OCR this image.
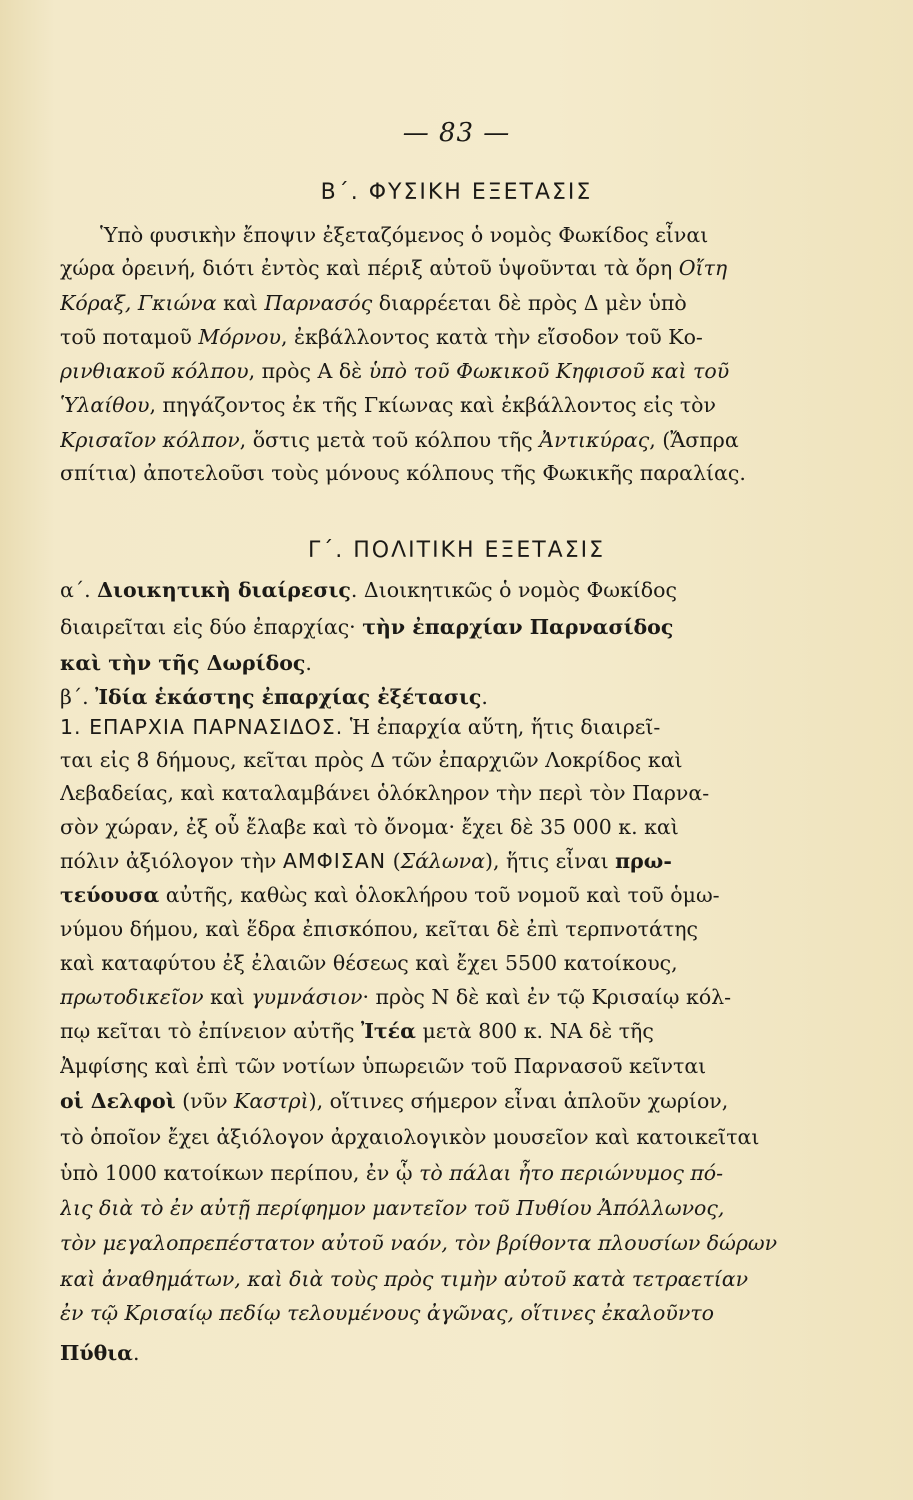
— 83 —
Β΄. ΦΥΣΙΚΗ ΕΞΕΤΑΣΙΣ
Γ΄. ΠΟΛΙΤΙΚΗ ΕΞΕΤΑΣΙΣ
Ὑπὸ φυσικὴν ἔποψιν ἐξεταζόμενος ὁ νομὸς Φωκίδος εἶναι
χώρα ὀρεινή, διότι ἐντὸς καὶ πέριξ αὐτοῦ ὑψοῦνται τὰ ὄρη Οἴτη
Κόραξ, Γκιώνα καὶ Παρνασός διαρρέεται δὲ πρὸς Δ μὲν ὑπὸ
τοῦ ποταμοῦ Μόρνου, ἐκβάλλοντος κατὰ τὴν εἴσοδον τοῦ Κο-
ρινθιακοῦ κόλπου, πρὸς Α δὲ ὑπὸ τοῦ Φωκικοῦ Κηφισοῦ καὶ τοῦ
Ὑλαίθου, πηγάζοντος ἐκ τῆς Γκίωνας καὶ ἐκβάλλοντος εἰς τὸν
Κρισαῖον κόλπον, ὅστις μετὰ τοῦ κόλπου τῆς Ἀντικύρας, (Ἄσπρα
σπίτια) ἀποτελοῦσι τοὺς μόνους κόλπους τῆς Φωκικῆς παραλίας.
α΄. Διοικητικὴ διαίρεσις. Διοικητικῶς ὁ νομὸς Φωκίδος
διαιρεῖται εἰς δύο ἐπαρχίας· τὴν ἐπαρχίαν Παρνασίδος
καὶ τὴν τῆς Δωρίδος.
β΄. Ἰδία ἑκάστης ἐπαρχίας ἐξέτασις.
1. ΕΠΑΡΧΙΑ ΠΑΡΝΑΣΙΔΟΣ. Ἡ ἐπαρχία αὕτη, ἥτις διαιρεῖ-
ται εἰς 8 δήμους, κεῖται πρὸς Δ τῶν ἐπαρχιῶν Λοκρίδος καὶ
Λεβαδείας, καὶ καταλαμβάνει ὁλόκληρον τὴν περὶ τὸν Παρνα-
σὸν χώραν, ἐξ οὗ ἔλαβε καὶ τὸ ὄνομα· ἔχει δὲ 35 000 κ. καὶ
πόλιν ἀξιόλογον τὴν ΑΜΦΙΣΑΝ (Σάλωνα), ἥτις εἶναι πρω-
τεύουσα αὐτῆς, καθὼς καὶ ὁλοκλήρου τοῦ νομοῦ καὶ τοῦ ὁμω-
νύμου δήμου, καὶ ἕδρα ἐπισκόπου, κεῖται δὲ ἐπὶ τερπνοτάτης
καὶ καταφύτου ἐξ ἐλαιῶν θέσεως καὶ ἔχει 5500 κατοίκους,
πρωτοδικεῖον καὶ γυμνάσιον· πρὸς Ν δὲ καὶ ἐν τῷ Κρισαίῳ κόλ-
πῳ κεῖται τὸ ἐπίνειον αὐτῆς Ἰτέα μετὰ 800 κ. ΝΑ δὲ τῆς
Ἀμφίσης καὶ ἐπὶ τῶν νοτίων ὑπωρειῶν τοῦ Παρνασοῦ κεῖνται
οἱ Δελφοὶ (νῦν Καστρὶ), οἵτινες σήμερον εἶναι ἁπλοῦν χωρίον,
τὸ ὁποῖον ἔχει ἀξιόλογον ἀρχαιολογικὸν μουσεῖον καὶ κατοικεῖται
ὑπὸ 1000 κατοίκων περίπου, ἐν ᾧ τὸ πάλαι ἦτο περιώνυμος πό-
λις διὰ τὸ ἐν αὐτῇ περίφημον μαντεῖον τοῦ Πυθίου Ἀπόλλωνος,
τὸν μεγαλοπρεπέστατον αὐτοῦ ναόν, τὸν βρίθοντα πλουσίων δώρων
καὶ ἀναθημάτων, καὶ διὰ τοὺς πρὸς τιμὴν αὐτοῦ κατὰ τετραετίαν
ἐν τῷ Κρισαίῳ πεδίῳ τελουμένους ἀγῶνας, οἵτινες ἐκαλοῦντο
Πύθια.
